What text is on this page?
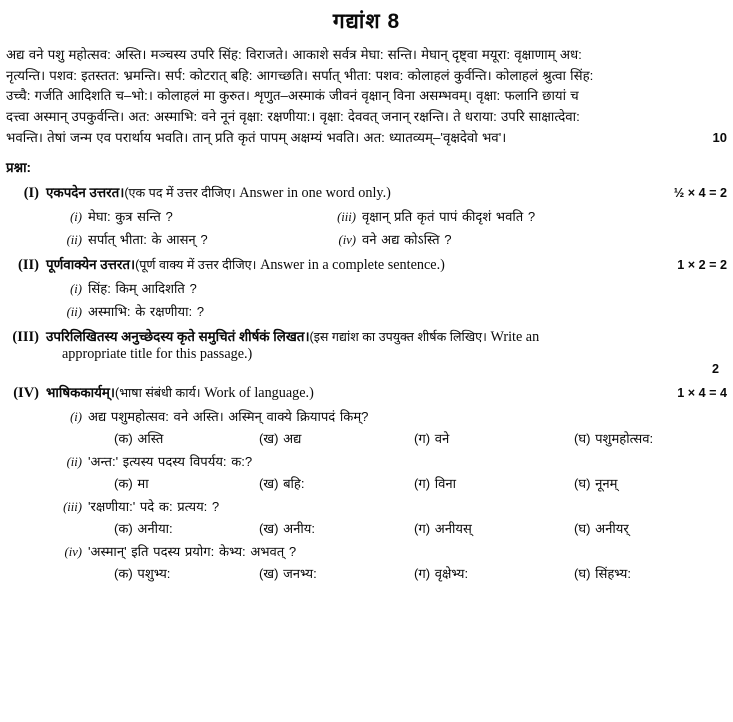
गद्यांश 8
अद्य वने पशु महोत्सव: अस्ति। मञ्चस्य उपरि सिंह: विराजते। आकाशे सर्वत्र मेघा: सन्ति। मेघान् दृष्ट्वा मयूरा: वृक्षाणाम् अध:
नृत्यन्ति। पशव: इतस्तत: भ्रमन्ति। सर्प: कोटरात् बहि: आगच्छति। सर्पात् भीता: पशव: कोलाहलं कुर्वन्ति। कोलाहलं श्रुत्वा सिंह:
उच्चै: गर्जति आदिशति च–भो:। कोलाहलं मा कुरुत। शृणुत–अस्माकं जीवनं वृक्षान् विना असम्भवम्। वृक्षा: फलानि छायां च
दत्त्वा अस्मान् उपकुर्वन्ति। अत: अस्माभि: वने नूनं वृक्षा: रक्षणीया:। वृक्षा: देववत् जनान् रक्षन्ति। ते धराया: उपरि साक्षात्देवा:
भवन्ति। तेषां जन्म एव परार्थाय भवति। तान् प्रति कृतं पापम् अक्षम्यं भवति। अत: ध्यातव्यम्–'वृक्षदेवो भव'।	10
प्रश्ना:
(I) एकपदेन उत्तरत।(एक पद में उत्तर दीजिए। Answer in one word only.)	½ × 4 = 2
(i) मेघा: कुत्र सन्ति ?
(ii) सर्पात् भीता: के आसन् ?
(iii) वृक्षान् प्रति कृतं पापं कीदृशं भवति ?
(iv) वने अद्य कोऽस्ति ?
(II) पूर्णवाक्येन उत्तरत।(पूर्ण वाक्य में उत्तर दीजिए। Answer in a complete sentence.)	1 × 2 = 2
(i) सिंह: किम् आदिशति ?
(ii) अस्माभि: के रक्षणीया: ?
(III) उपरिलिखितस्य अनुच्छेदस्य कृते समुचितं शीर्षकं लिखत।(इस गद्यांश का उपयुक्त शीर्षक लिखिए। Write an
appropriate title for this passage.)
2
(IV) भाषिककार्यम्।(भाषा संबंधी कार्य। Work of language.)	1 × 4 = 4
(i) अद्य पशुमहोत्सव: वने अस्ति। अस्मिन् वाक्ये क्रियापदं किम्?
(क) अस्ति	(ख) अद्य	(ग) वने	(घ) पशुमहोत्सव:
(ii) 'अन्त:' इत्यस्य पदस्य विपर्यय: क:?
(क) मा	(ख) बहि:	(ग) विना	(घ) नूनम्
(iii) 'रक्षणीया:' पदे क: प्रत्यय: ?
(क) अनीया:	(ख) अनीय:	(ग) अनीयस्	(घ) अनीयर्
(iv) 'अस्मान्' इति पदस्य प्रयोग: केभ्य: अभवत् ?
(क) पशुभ्य:	(ख) जनभ्य:	(ग) वृक्षेभ्य:	(घ) सिंहभ्य:
